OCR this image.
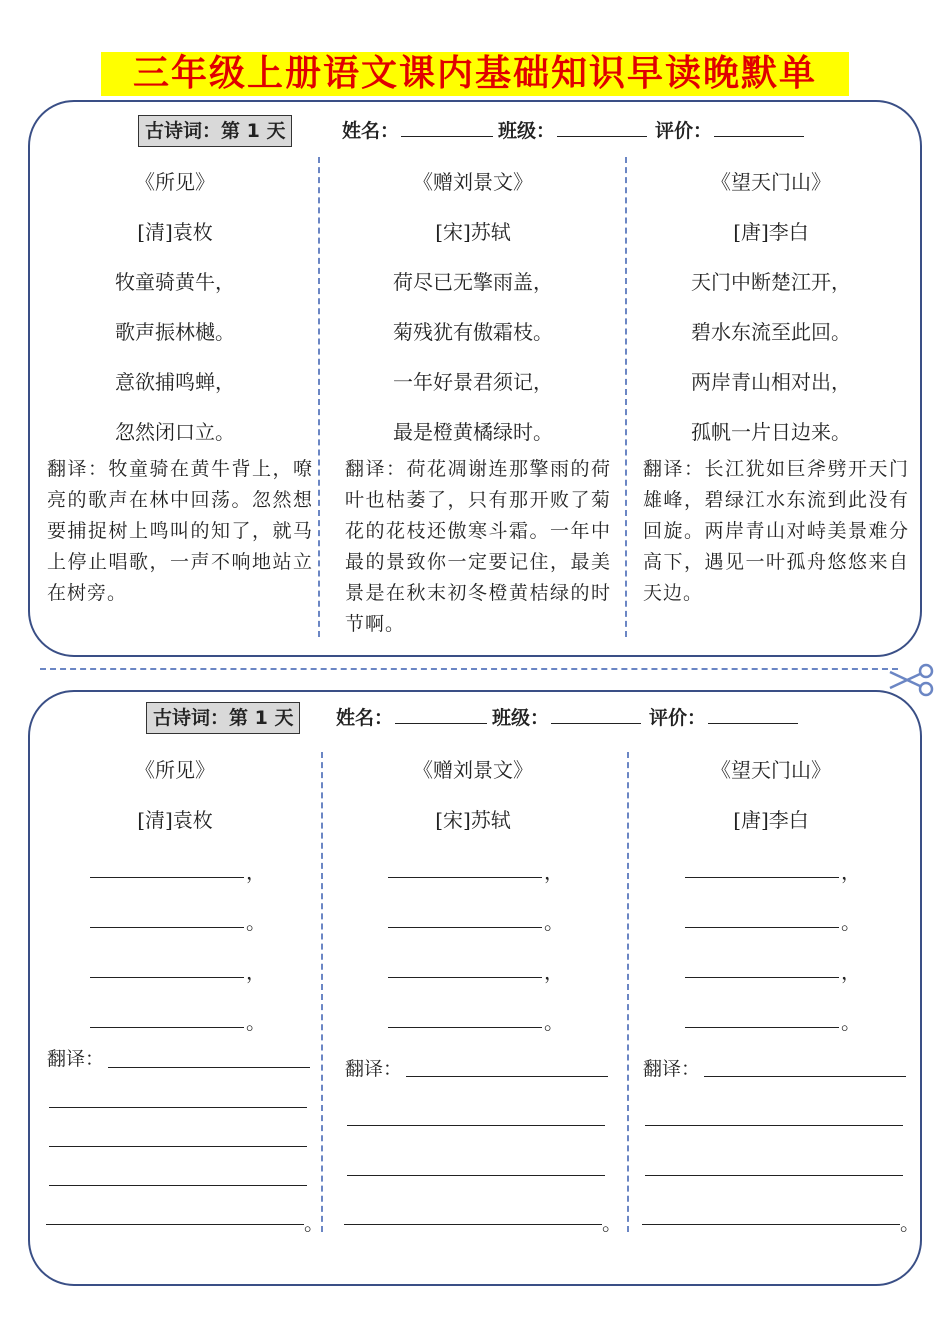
三年级上册语文课内基础知识早读晚默单
古诗词：第 1 天	姓名：	班级：	评价：
《所见》
[清]袁枚
牧童骑黄牛，
歌声振林樾。
意欲捕鸣蝉，
忽然闭口立。
翻译：牧童骑在黄牛背上，嘹亮的歌声在林中回荡。忽然想要捕捉树上鸣叫的知了，就马上停止唱歌，一声不响地站立在树旁。
《赠刘景文》
[宋]苏轼
荷尽已无擎雨盖，
菊残犹有傲霜枝。
一年好景君须记，
最是橙黄橘绿时。
翻译：荷花凋谢连那擎雨的荷叶也枯萎了，只有那开败了菊花的花枝还傲寒斗霜。一年中最的景致你一定要记住，最美景是在秋末初冬橙黄桔绿的时节啊。
《望天门山》
[唐]李白
天门中断楚江开，
碧水东流至此回。
两岸青山相对出，
孤帆一片日边来。
翻译：长江犹如巨斧劈开天门雄峰，碧绿江水东流到此没有回旋。两岸青山对峙美景难分高下，遇见一叶孤舟悠悠来自天边。
古诗词：第 1 天	姓名：	班级：	评价：
《所见》
[清]袁枚
，
。
，
。
翻译：
。
《赠刘景文》
[宋]苏轼
，
。
，
。
翻译：
。
《望天门山》
[唐]李白
，
。
，
。
翻译：
。
